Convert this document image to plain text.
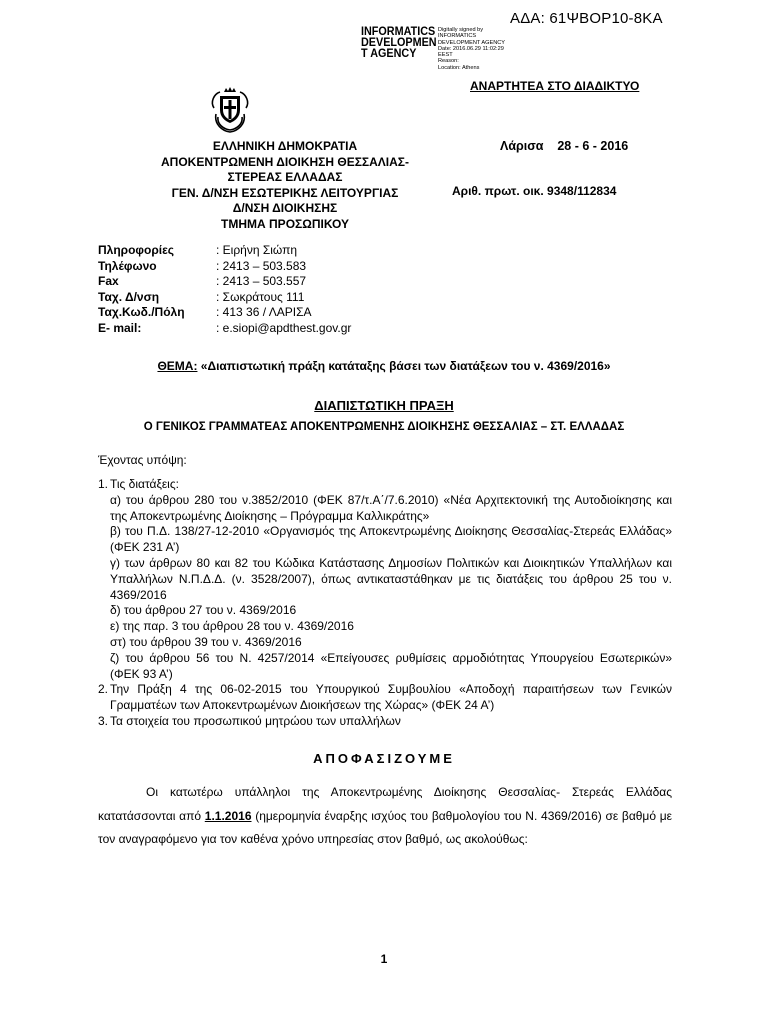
ΑΔΑ: 61ΨΒΟΡ10-8ΚΑ
INFORMATICS
DEVELOPMEN
T AGENCY
Digitally signed by
INFORMATICS
DEVELOPMENT AGENCY
Date: 2016.06.29 11:02:29
EEST
Reason:
Location: Athens
ΑΝΑΡΤΗΤΕΑ ΣΤΟ ΔΙΑΔΙΚΤΥΟ
ΕΛΛΗΝΙΚΗ ΔΗΜΟΚΡΑΤΙΑ
ΑΠΟΚΕΝΤΡΩΜΕΝΗ ΔΙΟΙΚΗΣΗ ΘΕΣΣΑΛΙΑΣ-
ΣΤΕΡΕΑΣ ΕΛΛΑΔΑΣ
ΓΕΝ. Δ/ΝΣΗ ΕΣΩΤΕΡΙΚΗΣ ΛΕΙΤΟΥΡΓΙΑΣ
Δ/ΝΣΗ ΔΙΟΙΚΗΣΗΣ
ΤΜΗΜΑ ΠΡΟΣΩΠΙΚΟΥ
Λάρισα    28 - 6 - 2016
Αριθ. πρωτ. οικ. 9348/112834
Πληροφορίες	: Ειρήνη Σιώπη
Τηλέφωνο	: 2413 – 503.583
Fax	: 2413 – 503.557
Ταχ. Δ/νση	: Σωκράτους 111
Ταχ.Κωδ./Πόλη	: 413 36 / ΛΑΡΙΣΑ
E- mail:	: e.siopi@apdthest.gov.gr
ΘΕΜΑ: «Διαπιστωτική πράξη κατάταξης βάσει των διατάξεων του ν. 4369/2016»
ΔΙΑΠΙΣΤΩΤΙΚΗ ΠΡΑΞΗ
Ο ΓΕΝΙΚΟΣ ΓΡΑΜΜΑΤΕΑΣ ΑΠΟΚΕΝΤΡΩΜΕΝΗΣ ΔΙΟΙΚΗΣΗΣ ΘΕΣΣΑΛΙΑΣ – ΣΤ. ΕΛΛΑΔΑΣ
Έχοντας υπόψη:
1. Τις διατάξεις:
α) του άρθρου 280 του ν.3852/2010 (ΦΕΚ 87/τ.Α΄/7.6.2010) «Νέα Αρχιτεκτονική της Αυτοδιοίκησης και της Αποκεντρωμένης Διοίκησης – Πρόγραμμα Καλλικράτης»
β) του Π.Δ. 138/27-12-2010 «Οργανισμός της Αποκεντρωμένης Διοίκησης Θεσσαλίας-Στερεάς Ελλάδας» (ΦΕΚ 231 Α’)
γ) των άρθρων 80 και 82 του Κώδικα Κατάστασης Δημοσίων Πολιτικών και Διοικητικών Υπαλλήλων και Υπαλλήλων Ν.Π.Δ.Δ. (ν. 3528/2007), όπως αντικαταστάθηκαν με τις διατάξεις του άρθρου 25 του ν. 4369/2016
δ) του άρθρου 27 του ν. 4369/2016
ε) της παρ. 3 του άρθρου 28 του ν. 4369/2016
στ) του άρθρου 39 του ν. 4369/2016
ζ) του άρθρου 56 του Ν. 4257/2014 «Επείγουσες ρυθμίσεις αρμοδιότητας Υπουργείου Εσωτερικών» (ΦΕΚ 93 Α’)
2. Την Πράξη 4 της 06-02-2015 του Υπουργικού Συμβουλίου «Αποδοχή παραιτήσεων των Γενικών Γραμματέων των Αποκεντρωμένων Διοικήσεων της Χώρας» (ΦΕΚ 24 Α’)
3. Τα στοιχεία του προσωπικού μητρώου των υπαλλήλων
ΑΠΟΦΑΣΙΖΟΥΜΕ
Οι κατωτέρω υπάλληλοι της Αποκεντρωμένης Διοίκησης Θεσσαλίας- Στερεάς Ελλάδας κατατάσσονται από 1.1.2016 (ημερομηνία έναρξης ισχύος του βαθμολογίου του Ν. 4369/2016) σε βαθμό με τον αναγραφόμενο για τον καθένα χρόνο υπηρεσίας στον βαθμό, ως ακολούθως:
1
